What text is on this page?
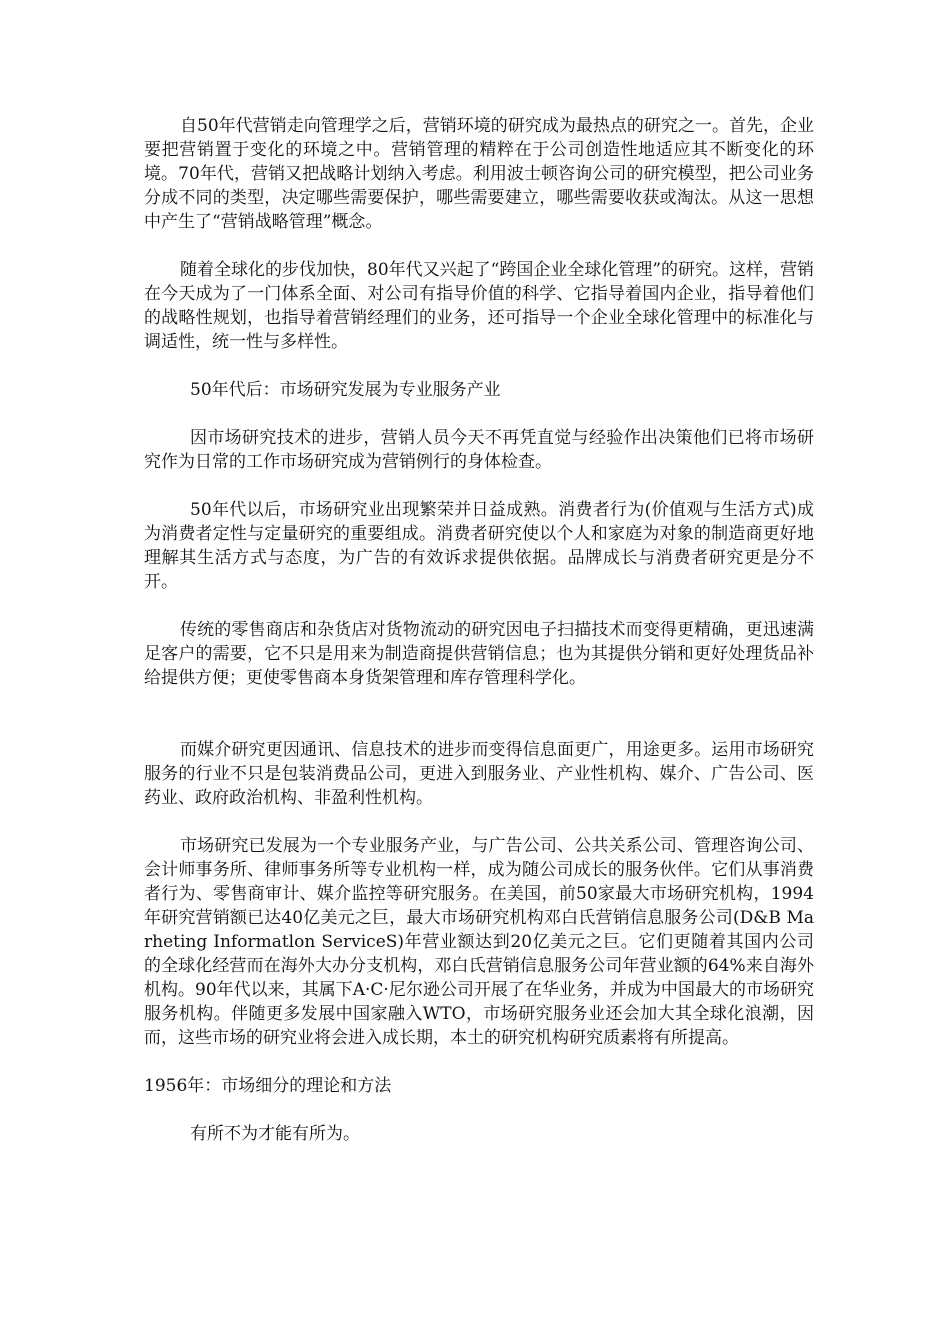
自50年代营销走向管理学之后，营销环境的研究成为最热点的研究之一。首先，企业要把营销置于变化的环境之中。营销管理的精粹在于公司创造性地适应其不断变化的环境。70年代，营销又把战略计划纳入考虑。利用波士顿咨询公司的研究模型，把公司业务分成不同的类型，决定哪些需要保护，哪些需要建立，哪些需要收获或淘汰。从这一思想中产生了“营销战略管理”概念。

随着全球化的步伐加快，80年代又兴起了“跨国企业全球化管理”的研究。这样，营销在今天成为了一门体系全面、对公司有指导价值的科学、它指导着国内企业，指导着他们的战略性规划，也指导着营销经理们的业务，还可指导一个企业全球化管理中的标准化与调适性，统一性与多样性。

50年代后：市场研究发展为专业服务产业

因市场研究技术的进步，营销人员今天不再凭直觉与经验作出决策他们已将市场研究作为日常的工作市场研究成为营销例行的身体检查。

50年代以后，市场研究业出现繁荣并日益成熟。消费者行为(价值观与生活方式)成为消费者定性与定量研究的重要组成。消费者研究使以个人和家庭为对象的制造商更好地理解其生活方式与态度，为广告的有效诉求提供依据。品牌成长与消费者研究更是分不开。

传统的零售商店和杂货店对货物流动的研究因电子扫描技术而变得更精确，更迅速满足客户的需要，它不只是用来为制造商提供营销信息；也为其提供分销和更好处理货品补给提供方便；更使零售商本身货架管理和库存管理科学化。

而媒介研究更因通讯、信息技术的进步而变得信息面更广，用途更多。运用市场研究服务的行业不只是包装消费品公司，更进入到服务业、产业性机构、媒介、广告公司、医药业、政府政治机构、非盈利性机构。

市场研究已发展为一个专业服务产业，与广告公司、公共关系公司、管理咨询公司、会计师事务所、律师事务所等专业机构一样，成为随公司成长的服务伙伴。它们从事消费者行为、零售商审计、媒介监控等研究服务。在美国，前50家最大市场研究机构，1994年研究营销额已达40亿美元之巨，最大市场研究机构邓白氏营销信息服务公司(D&B Marheting Informatlon ServiceS)年营业额达到20亿美元之巨。它们更随着其国内公司的全球化经营而在海外大办分支机构，邓白氏营销信息服务公司年营业额的64%来自海外机构。90年代以来，其属下A·C·尼尔逊公司开展了在华业务，并成为中国最大的市场研究服务机构。伴随更多发展中国家融入WTO，市场研究服务业还会加大其全球化浪潮，因而，这些市场的研究业将会进入成长期，本土的研究机构研究质素将有所提高。

1956年：市场细分的理论和方法

有所不为才能有所为。
